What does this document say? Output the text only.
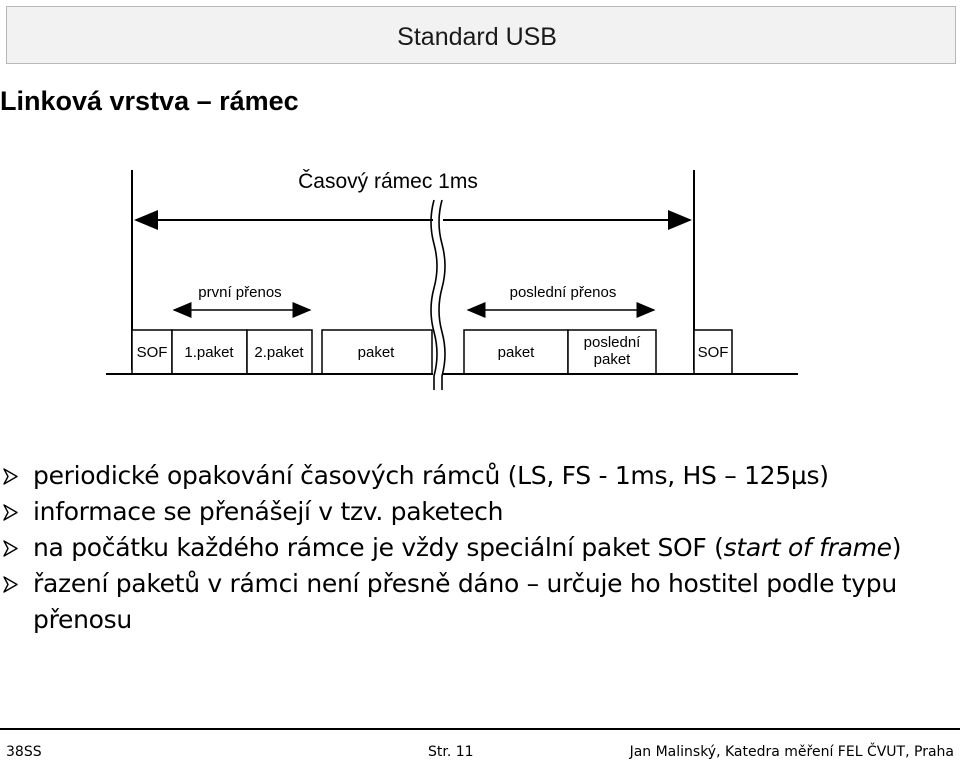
Standard USB
Linková vrstva – rámec
Časový rámec 1ms
první přenos	poslední přenos
SOF 1.paket 2.paket	paket	paket
poslední
paket	SOF
periodické opakování časových rámců (LS, FS - 1ms, HS – 125µs)
informace se přenášejí v tzv. paketech
na počátku každého rámce je vždy speciální paket SOF (start of frame)
řazení paketů v rámci není přesně dáno – určuje ho hostitel podle typu přenosu
38SS	Str. 11	Jan Malinský, Katedra měření FEL ČVUT, Praha
